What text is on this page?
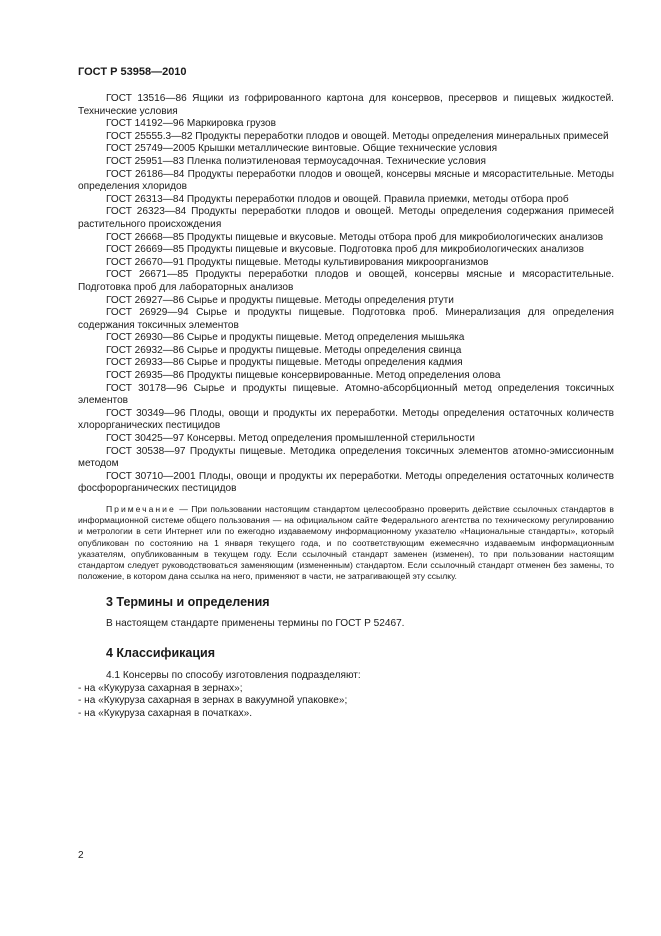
ГОСТ Р 53958—2010

ГОСТ 13516—86 Ящики из гофрированного картона для консервов, пресервов и пищевых жидкостей. Технические условия

ГОСТ 14192—96 Маркировка грузов

ГОСТ 25555.3—82 Продукты переработки плодов и овощей. Методы определения минеральных примесей

ГОСТ 25749—2005 Крышки металлические винтовые. Общие технические условия

ГОСТ 25951—83 Пленка полиэтиленовая термоусадочная. Технические условия

ГОСТ 26186—84 Продукты переработки плодов и овощей, консервы мясные и мясорастительные. Методы определения хлоридов

ГОСТ 26313—84 Продукты переработки плодов и овощей. Правила приемки, методы отбора проб

ГОСТ 26323—84 Продукты переработки плодов и овощей. Методы определения содержания примесей растительного происхождения

ГОСТ 26668—85 Продукты пищевые и вкусовые. Методы отбора проб для микробиологических анализов

ГОСТ 26669—85 Продукты пищевые и вкусовые. Подготовка проб для микробиологических анализов

ГОСТ 26670—91 Продукты пищевые. Методы культивирования микроорганизмов

ГОСТ 26671—85 Продукты переработки плодов и овощей, консервы мясные и мясорастительные. Подготовка проб для лабораторных анализов

ГОСТ 26927—86 Сырье и продукты пищевые. Методы определения ртути

ГОСТ 26929—94 Сырье и продукты пищевые. Подготовка проб. Минерализация для определения содержания токсичных элементов

ГОСТ 26930—86 Сырье и продукты пищевые. Метод определения мышьяка

ГОСТ 26932—86 Сырье и продукты пищевые. Методы определения свинца

ГОСТ 26933—86 Сырье и продукты пищевые. Методы определения кадмия

ГОСТ 26935—86 Продукты пищевые консервированные. Метод определения олова

ГОСТ 30178—96 Сырье и продукты пищевые. Атомно-абсорбционный метод определения токсичных элементов

ГОСТ 30349—96 Плоды, овощи и продукты их переработки. Методы определения остаточных количеств хлорорганических пестицидов

ГОСТ 30425—97 Консервы. Метод определения промышленной стерильности

ГОСТ 30538—97 Продукты пищевые. Методика определения токсичных элементов атомно-эмиссионным методом

ГОСТ 30710—2001 Плоды, овощи и продукты их переработки. Методы определения остаточных количеств фосфорорганических пестицидов

Примечание — При пользовании настоящим стандартом целесообразно проверить действие ссылочных стандартов в информационной системе общего пользования — на официальном сайте Федерального агентства по техническому регулированию и метрологии в сети Интернет или по ежегодно издаваемому информационному указателю «Национальные стандарты», который опубликован по состоянию на 1 января текущего года, и по соответствующим ежемесячно издаваемым информационным указателям, опубликованным в текущем году. Если ссылочный стандарт заменен (изменен), то при пользовании настоящим стандартом следует руководствоваться заменяющим (измененным) стандартом. Если ссылочный стандарт отменен без замены, то положение, в котором дана ссылка на него, применяют в части, не затрагивающей эту ссылку.

3 Термины и определения

В настоящем стандарте применены термины по ГОСТ Р 52467.

4 Классификация

4.1 Консервы по способу изготовления подразделяют:

- на «Кукуруза сахарная в зернах»;

- на «Кукуруза сахарная в зернах в вакуумной упаковке»;

- на «Кукуруза сахарная в початках».

2
